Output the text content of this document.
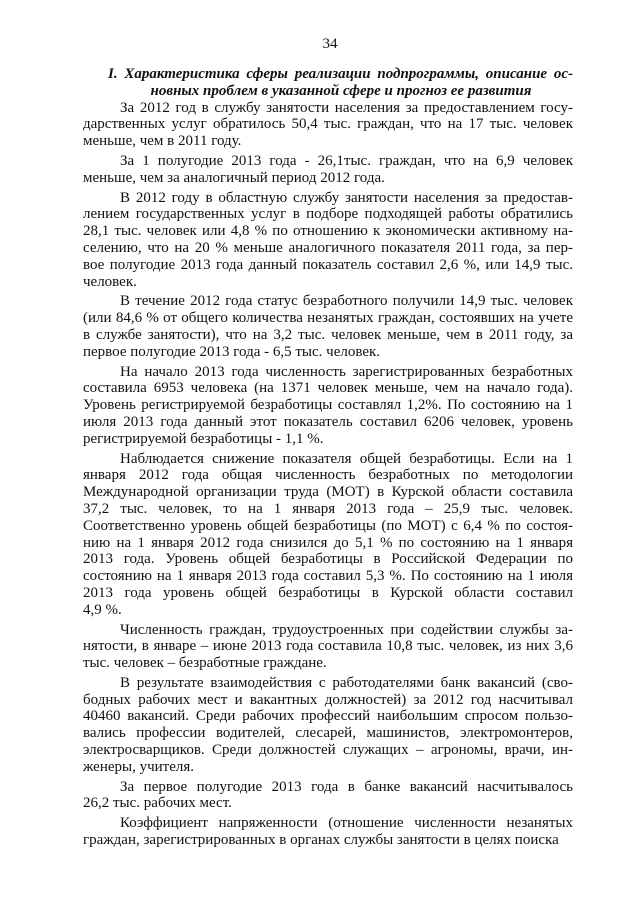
34
I. Характеристика сферы реализации подпрограммы, описание ос-
новных проблем в указанной сфере и прогноз ее развития
За 2012 год в службу занятости населения за предоставлением госу-
дарственных услуг обратилось 50,4 тыс. граждан, что на 17 тыс. человек
меньше, чем в 2011 году.
За 1 полугодие 2013 года - 26,1тыс. граждан, что на 6,9 человек
меньше, чем за аналогичный период 2012 года.
В 2012 году в областную службу занятости населения за предостав-
лением государственных услуг в подборе подходящей работы обратились
28,1 тыс. человек или 4,8 % по отношению к экономически активному на-
селению, что на 20 % меньше аналогичного показателя 2011 года, за пер-
вое полугодие 2013 года данный показатель составил 2,6 %, или 14,9 тыс.
человек.
В течение 2012 года статус безработного получили 14,9 тыс. человек
(или 84,6 % от общего количества незанятых граждан, состоявших на учете
в службе занятости), что на 3,2 тыс. человек меньше, чем в 2011 году, за
первое полугодие 2013 года - 6,5 тыс. человек.
На начало 2013 года численность зарегистрированных безработных
составила 6953 человека (на 1371 человек меньше, чем на начало года).
Уровень регистрируемой безработицы составлял 1,2%. По состоянию на 1
июля 2013 года данный этот показатель составил 6206 человек, уровень
регистрируемой безработицы - 1,1 %.
Наблюдается снижение показателя общей безработицы. Если на 1
января 2012 года общая численность безработных по методологии
Международной организации труда (МОТ) в Курской области составила
37,2 тыс. человек, то на 1 января 2013 года – 25,9 тыс. человек.
Соответственно уровень общей безработицы (по МОТ) с 6,4 % по состоя-
нию на 1 января 2012 года снизился до 5,1 % по состоянию на 1 января
2013 года. Уровень общей безработицы в Российской Федерации по
состоянию на 1 января 2013 года составил 5,3 %. По состоянию на 1 июля
2013 года уровень общей безработицы в Курской области составил
4,9 %.
Численность граждан, трудоустроенных при содействии службы за-
нятости, в январе – июне 2013 года составила 10,8 тыс. человек, из них 3,6
тыс. человек – безработные граждане.
В результате взаимодействия с работодателями банк вакансий (сво-
бодных рабочих мест и вакантных должностей) за 2012 год насчитывал
40460 вакансий. Среди рабочих профессий наибольшим спросом пользо-
вались профессии водителей, слесарей, машинистов, электромонтеров,
электросварщиков. Среди должностей служащих – агрономы, врачи, ин-
женеры, учителя.
За первое полугодие 2013 года в банке вакансий насчитывалось
26,2 тыс. рабочих мест.
Коэффициент напряженности (отношение численности незанятых
граждан, зарегистрированных в органах службы занятости в целях поиска
